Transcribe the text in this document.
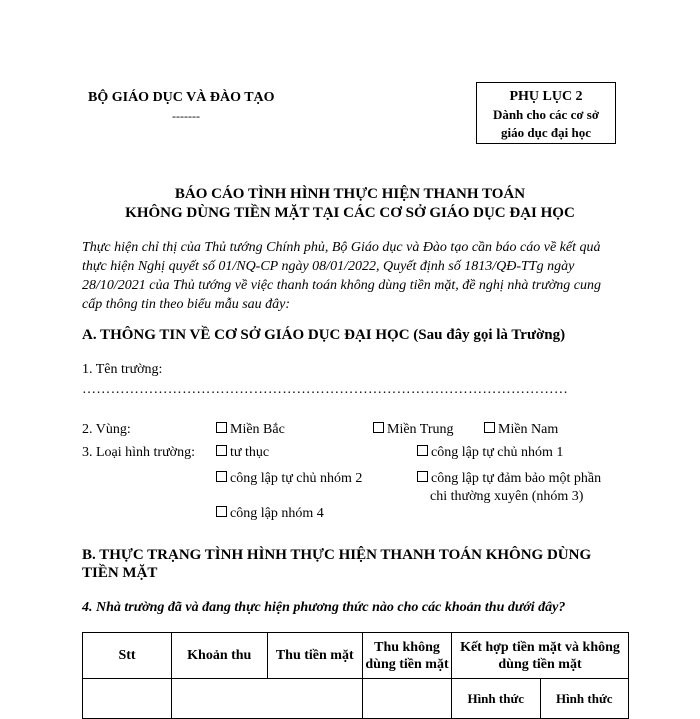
BỘ GIÁO DỤC VÀ ĐÀO TẠO
-------
PHỤ LỤC 2
Dành cho các cơ sở
giáo dục đại học
BÁO CÁO TÌNH HÌNH THỰC HIỆN THANH TOÁN
KHÔNG DÙNG TIỀN MẶT TẠI CÁC CƠ SỞ GIÁO DỤC ĐẠI HỌC
Thực hiện chỉ thị của Thủ tướng Chính phủ, Bộ Giáo dục và Đào tạo cần báo cáo về kết quả thực hiện Nghị quyết số 01/NQ-CP ngày 08/01/2022, Quyết định số 1813/QĐ-TTg ngày 28/10/2021 của Thủ tướng về việc thanh toán không dùng tiền mặt, đề nghị nhà trường cung cấp thông tin theo biểu mẫu sau đây:
A. THÔNG TIN VỀ CƠ SỞ GIÁO DỤC ĐẠI HỌC (Sau đây gọi là Trường)
1. Tên trường:
…………………………………………………………………………………………
2. Vùng:	Miền Bắc	Miền Trung	Miền Nam
3. Loại hình trường:	tư thục	công lập tự chủ nhóm 1
công lập tự chủ nhóm 2	công lập tự đảm bảo một phần
chi thường xuyên (nhóm 3)
công lập nhóm 4
B. THỰC TRẠNG TÌNH HÌNH THỰC HIỆN THANH TOÁN KHÔNG DÙNG TIỀN MẶT
4. Nhà trường đã và đang thực hiện phương thức nào cho các khoản thu dưới đây?
Stt	Khoản thu	Thu tiền mặt	Thu không dùng tiền mặt	Kết hợp tiền mặt và không dùng tiền mặt	
				Hình thức	Hình thức
